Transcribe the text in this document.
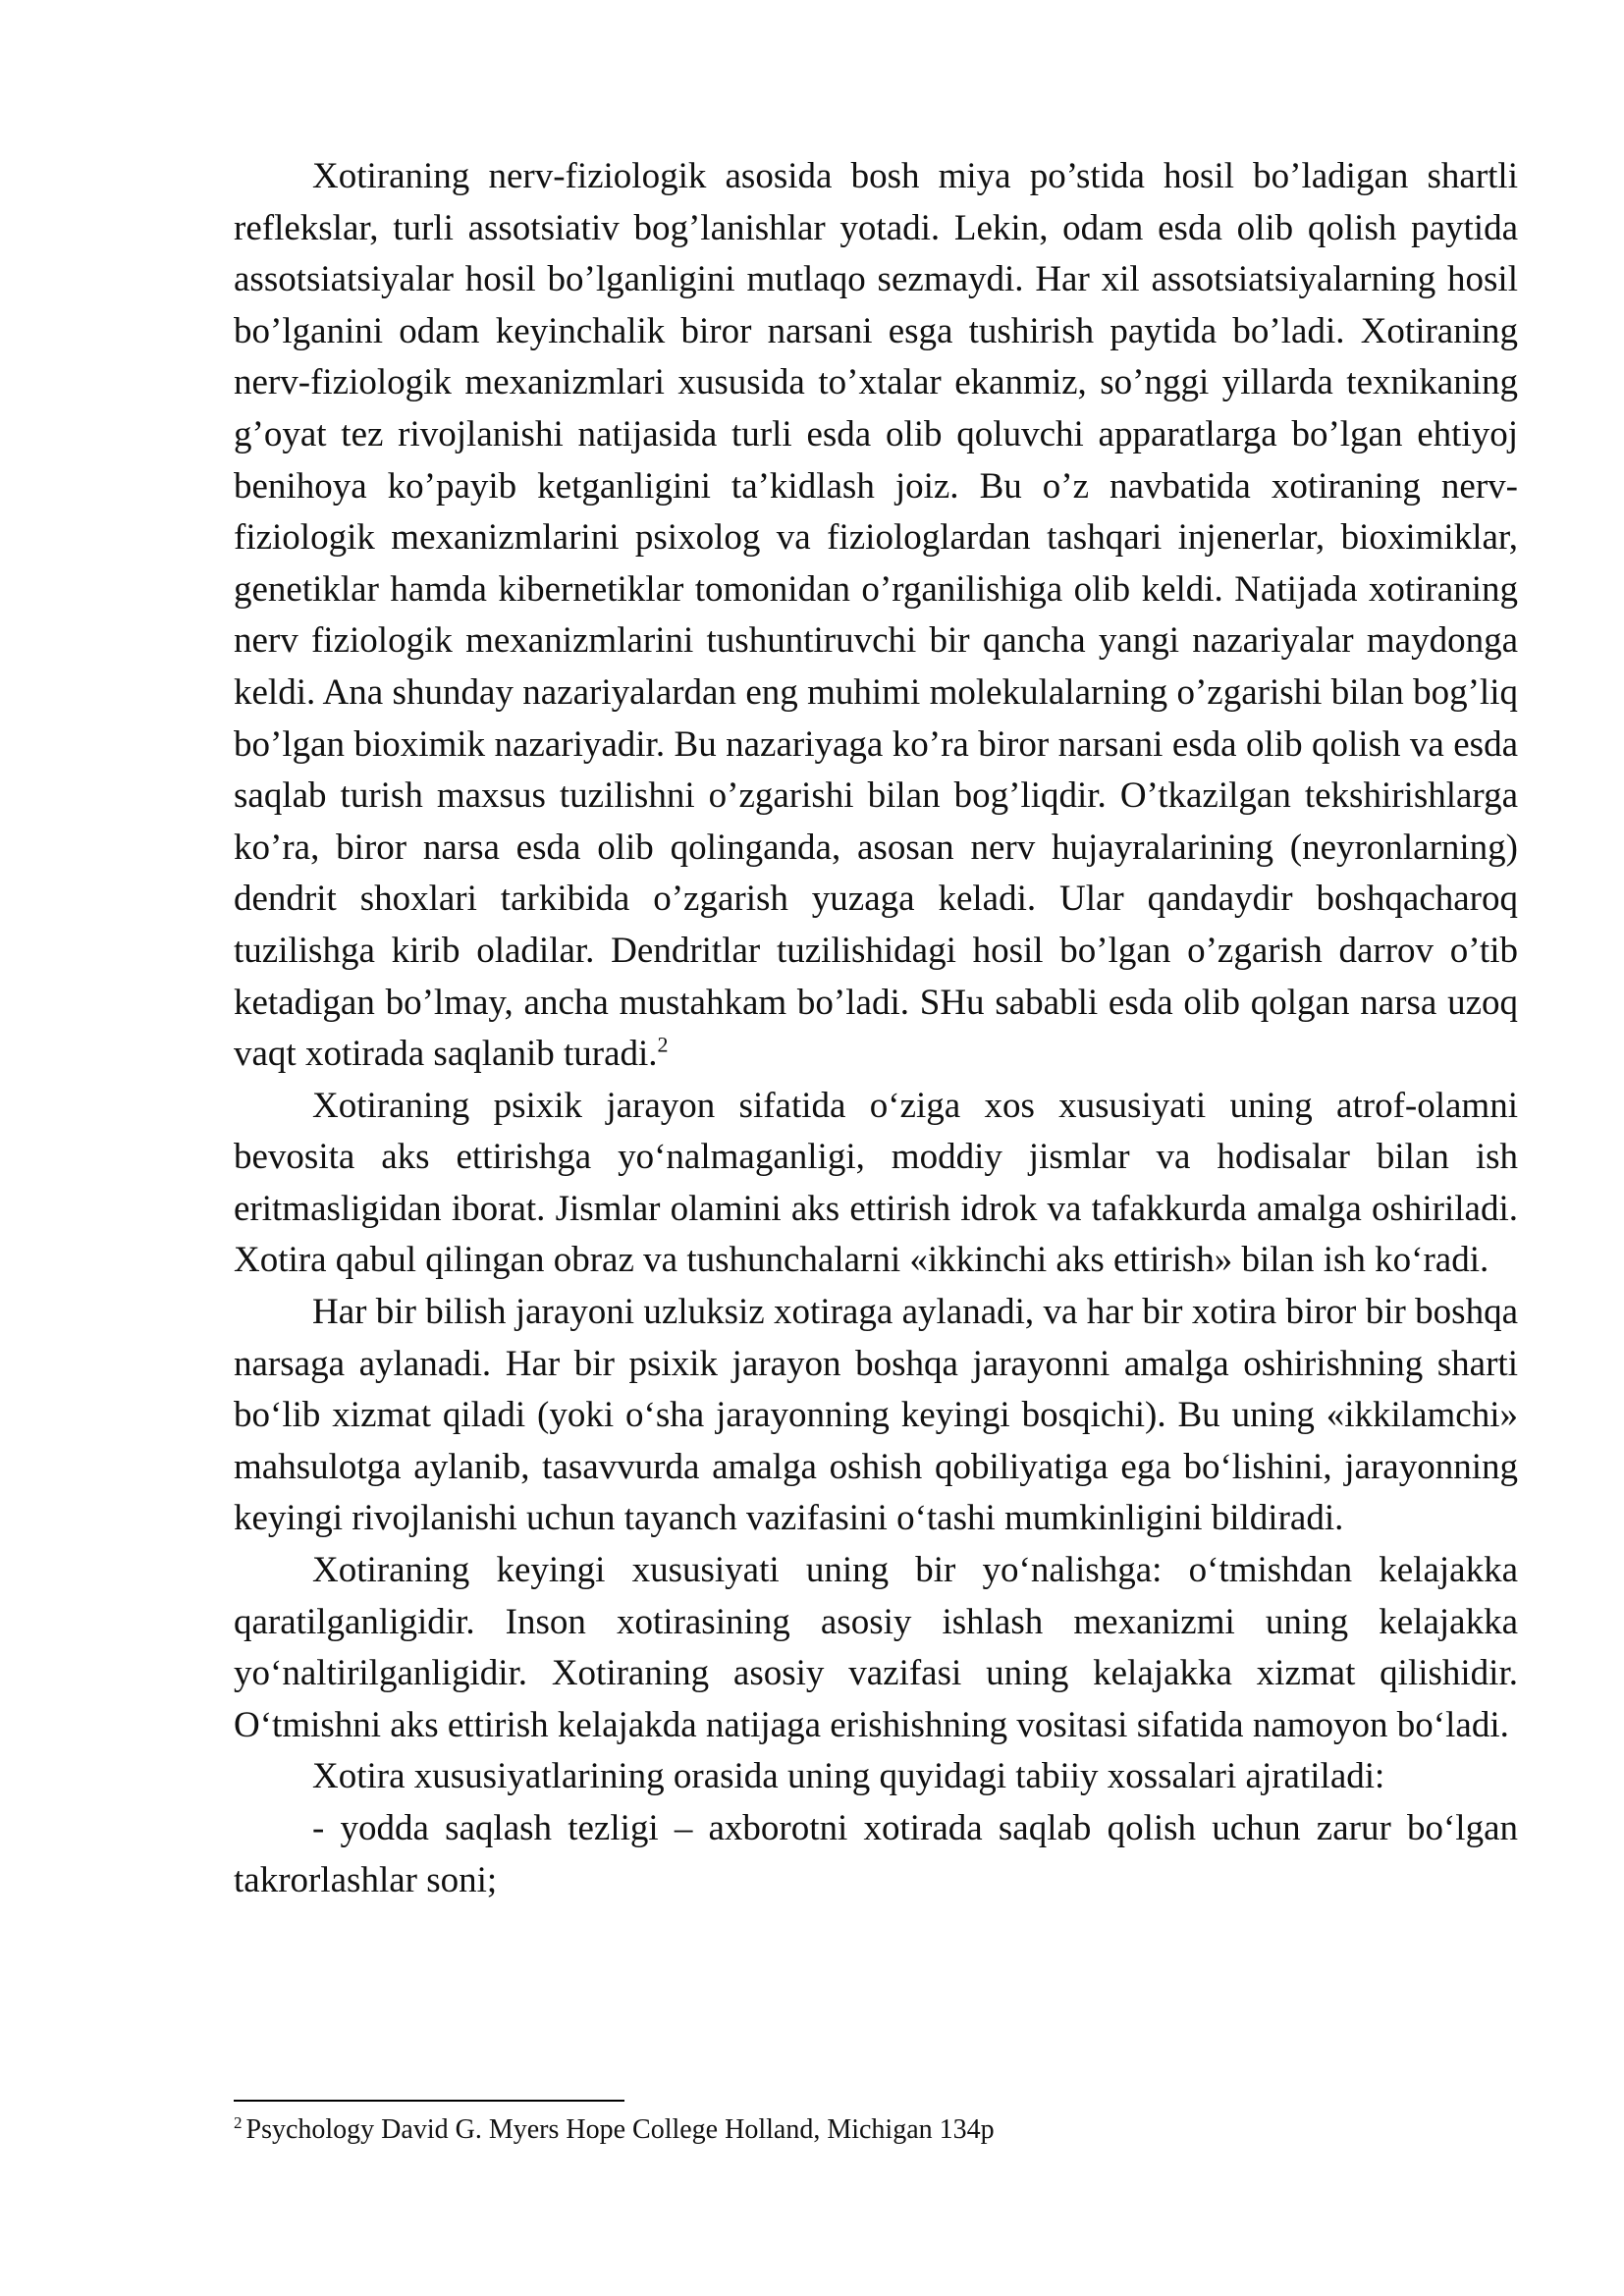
Xotiraning nerv-fiziologik asosida bosh miya po’stida hosil bo’ladigan shartli reflekslar, turli assotsiativ bog’lanishlar yotadi. Lekin, odam esda olib qolish paytida assotsiatsiyalar hosil bo’lganligini mutlaqo sezmaydi. Har xil assotsiatsiyalarning hosil bo’lganini odam keyinchalik biror narsani esga tushirish paytida bo’ladi. Xotiraning nerv-fiziologik mexanizmlari xususida to’xtalar ekanmiz, so’nggi yillarda texnikaning g’oyat tez rivojlanishi natijasida turli esda olib qoluvchi apparatlarga bo’lgan ehtiyoj benihoya ko’payib ketganligini ta’kidlash joiz. Bu o’z navbatida xotiraning nerv-fiziologik mexanizmlarini psixolog va fiziologlardan tashqari injenerlar, bioximiklar, genetiklar hamda kibernetiklar tomonidan o’rganilishiga olib keldi. Natijada xotiraning nerv fiziologik mexanizmlarini tushuntiruvchi bir qancha yangi nazariyalar maydonga keldi. Ana shunday nazariyalardan eng muhimi molekulalarning o’zgarishi bilan bog’liq bo’lgan bioximik nazariyadir. Bu nazariyaga ko’ra biror narsani esda olib qolish va esda saqlab turish maxsus tuzilishni o’zgarishi bilan bog’liqdir. O’tkazilgan tekshirishlarga ko’ra, biror narsa esda olib qolinganda, asosan nerv hujayralarining (neyronlarning) dendrit shoxlari tarkibida o’zgarish yuzaga keladi. Ular qandaydir boshqacharoq tuzilishga kirib oladilar. Dendritlar tuzilishidagi hosil bo’lgan o’zgarish darrov o’tib ketadigan bo’lmay, ancha mustahkam bo’ladi. SHu sababli esda olib qolgan narsa uzoq vaqt xotirada saqlanib turadi.$^2$

Xotiraning psixik jarayon sifatida o‘ziga xos xususiyati uning atrof-olamni bevosita aks ettirishga yo‘nalmaganligi, moddiy jismlar va hodisalar bilan ish eritmasligidan iborat. Jismlar olamini aks ettirish idrok va tafakkurda amalga oshiriladi. Xotira qabul qilingan obraz va tushunchalarni «ikkinchi aks ettirish» bilan ish ko‘radi.

Har bir bilish jarayoni uzluksiz xotiraga aylanadi, va har bir xotira biror bir boshqa narsaga aylanadi. Har bir psixik jarayon boshqa jarayonni amalga oshirishning sharti bo‘lib xizmat qiladi (yoki o‘sha jarayonning keyingi bosqichi). Bu uning «ikkilamchi» mahsulotga aylanib, tasavvurda amalga oshish qobiliyatiga ega bo‘lishini, jarayonning keyingi rivojlanishi uchun tayanch vazifasini o‘tashi mumkinligini bildiradi.

Xotiraning keyingi xususiyati uning bir yo‘nalishga: o‘tmishdan kelajakka qaratilganligidir. Inson xotirasining asosiy ishlash mexanizmi uning kelajakka yo‘naltirilganligidir. Xotiraning asosiy vazifasi uning kelajakka xizmat qilishidir. O‘tmishni aks ettirish kelajakda natijaga erishishning vositasi sifatida namoyon bo‘ladi.

Xotira xususiyatlarining orasida uning quyidagi tabiiy xossalari ajratiladi:

- yodda saqlash tezligi – axborotni xotirada saqlab qolish uchun zarur bo‘lgan takrorlashlar soni;

$^2$ Psychology David G. Myers Hope College Holland, Michigan 134p
